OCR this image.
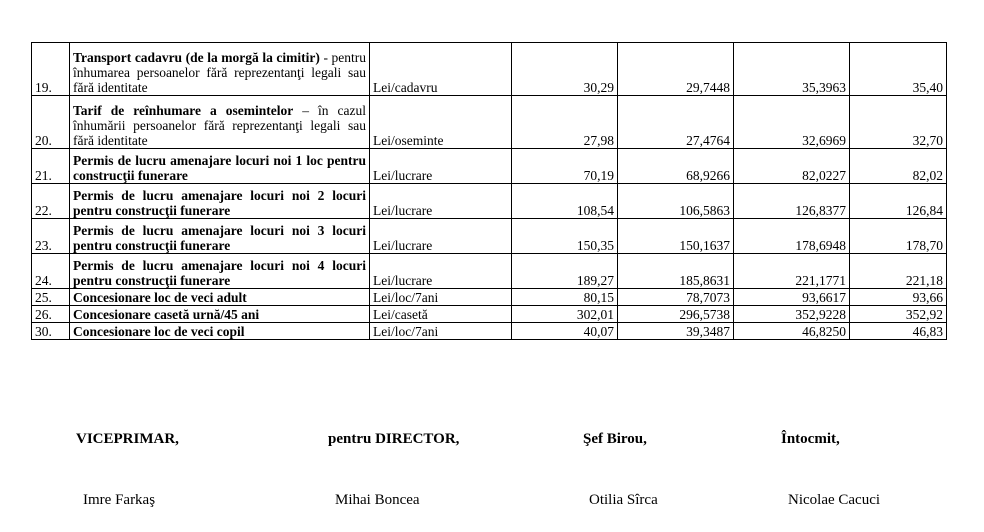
19.	Transport cadavru (de la morgă la cimitir) - pentru înhumarea persoanelor fără reprezentanţi legali sau fără identitate	Lei/cadavru	30,29	29,7448	35,3963	35,40
20.	Tarif de reînhumare a osemintelor – în cazul înhumării persoanelor fără reprezentanţi legali sau fără identitate	Lei/oseminte	27,98	27,4764	32,6969	32,70
21.	Permis de lucru amenajare locuri noi 1 loc pentru construcţii funerare	Lei/lucrare	70,19	68,9266	82,0227	82,02
22.	Permis de lucru amenajare locuri noi 2 locuri pentru construcţii funerare	Lei/lucrare	108,54	106,5863	126,8377	126,84
23.	Permis de lucru amenajare locuri noi 3 locuri pentru construcţii funerare	Lei/lucrare	150,35	150,1637	178,6948	178,70
24.	Permis de lucru amenajare locuri noi 4 locuri pentru construcţii funerare	Lei/lucrare	189,27	185,8631	221,1771	221,18
25.	Concesionare loc de veci adult	Lei/loc/7ani	80,15	78,7073	93,6617	93,66
26.	Concesionare casetă urnă/45 ani	Lei/casetă	302,01	296,5738	352,9228	352,92
30.	Concesionare loc de veci copil	Lei/loc/7ani	40,07	39,3487	46,8250	46,83
VICEPRIMAR,	pentru DIRECTOR,	Şef Birou,	Întocmit,
Imre Farkaş	Mihai Boncea	Otilia Sîrca	Nicolae Cacuci
